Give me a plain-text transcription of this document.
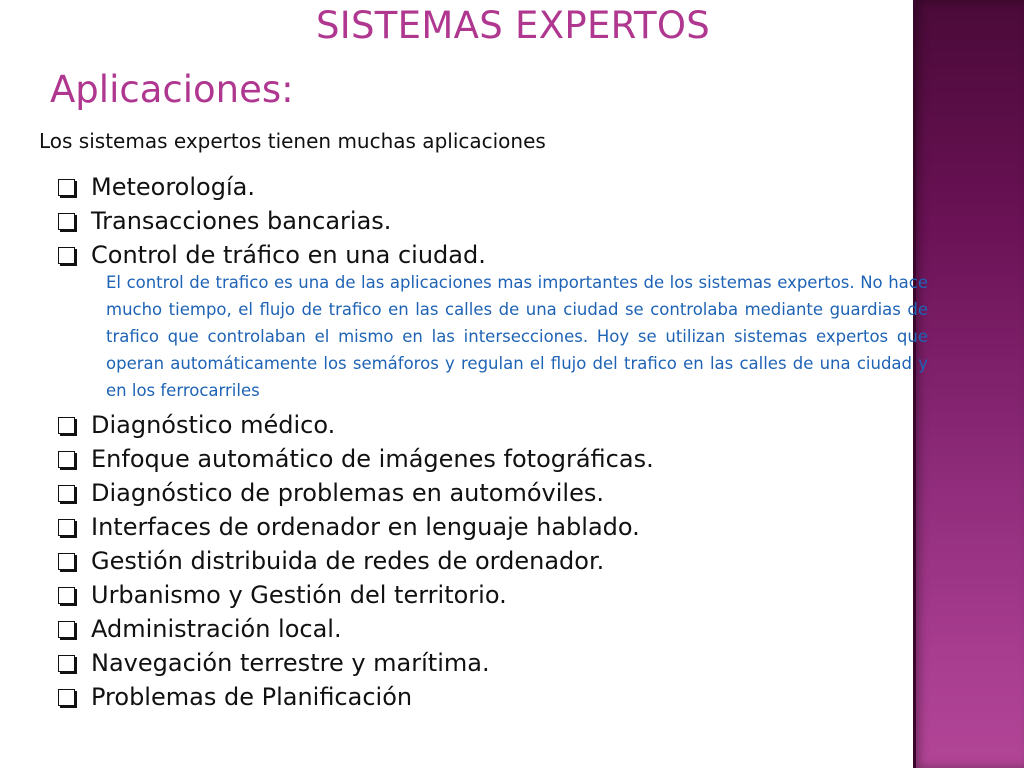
SISTEMAS EXPERTOS
Aplicaciones:
Los sistemas expertos tienen muchas aplicaciones
Meteorología.
Transacciones bancarias.
Control de tráfico en una ciudad.

El control de trafico es una de las aplicaciones mas importantes de los sistemas expertos. No hace mucho tiempo, el flujo de trafico en las calles de una ciudad se controlaba mediante guardias de trafico que controlaban el mismo en las intersecciones. Hoy se utilizan sistemas expertos que operan automáticamente los semáforos y regulan el flujo del trafico en las calles de una ciudad y en los ferrocarriles

Diagnóstico médico.
Enfoque automático de imágenes fotográficas.
Diagnóstico de problemas en automóviles.
Interfaces de ordenador en lenguaje hablado.
Gestión distribuida de redes de ordenador.
Urbanismo y Gestión del territorio.
Administración local.
Navegación terrestre y marítima.
Problemas de Planificación
